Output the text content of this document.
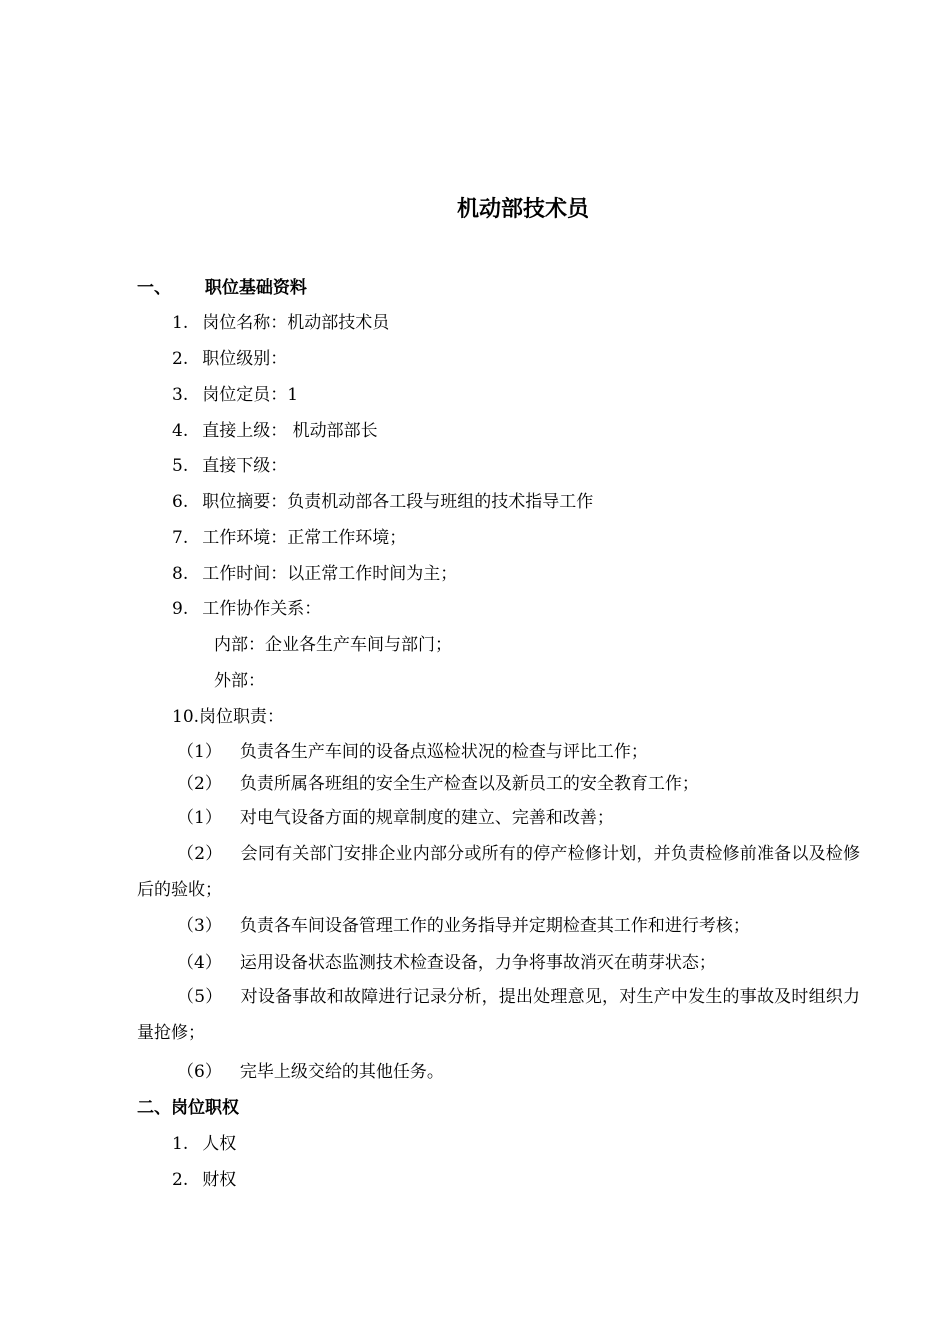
机动部技术员
一、 职位基础资料
1. 岗位名称：机动部技术员
2. 职位级别：
3. 岗位定员：1
4. 直接上级： 机动部部长
5. 直接下级：
6. 职位摘要：负责机动部各工段与班组的技术指导工作
7. 工作环境：正常工作环境；
8. 工作时间：以正常工作时间为主；
9. 工作协作关系：
内部：企业各生产车间与部门；
外部：
10.岗位职责：
（1） 负责各生产车间的设备点巡检状况的检查与评比工作；
（2） 负责所属各班组的安全生产检查以及新员工的安全教育工作；
（1） 对电气设备方面的规章制度的建立、完善和改善；
（2） 会同有关部门安排企业内部分或所有的停产检修计划，并负责检修前准备以及检修后的验收；
（3） 负责各车间设备管理工作的业务指导并定期检查其工作和进行考核；
（4） 运用设备状态监测技术检查设备，力争将事故消灭在萌芽状态；
（5） 对设备事故和故障进行记录分析，提出处理意见，对生产中发生的事故及时组织力量抢修；
（6） 完毕上级交给的其他任务。
二、岗位职权
1. 人权
2. 财权
